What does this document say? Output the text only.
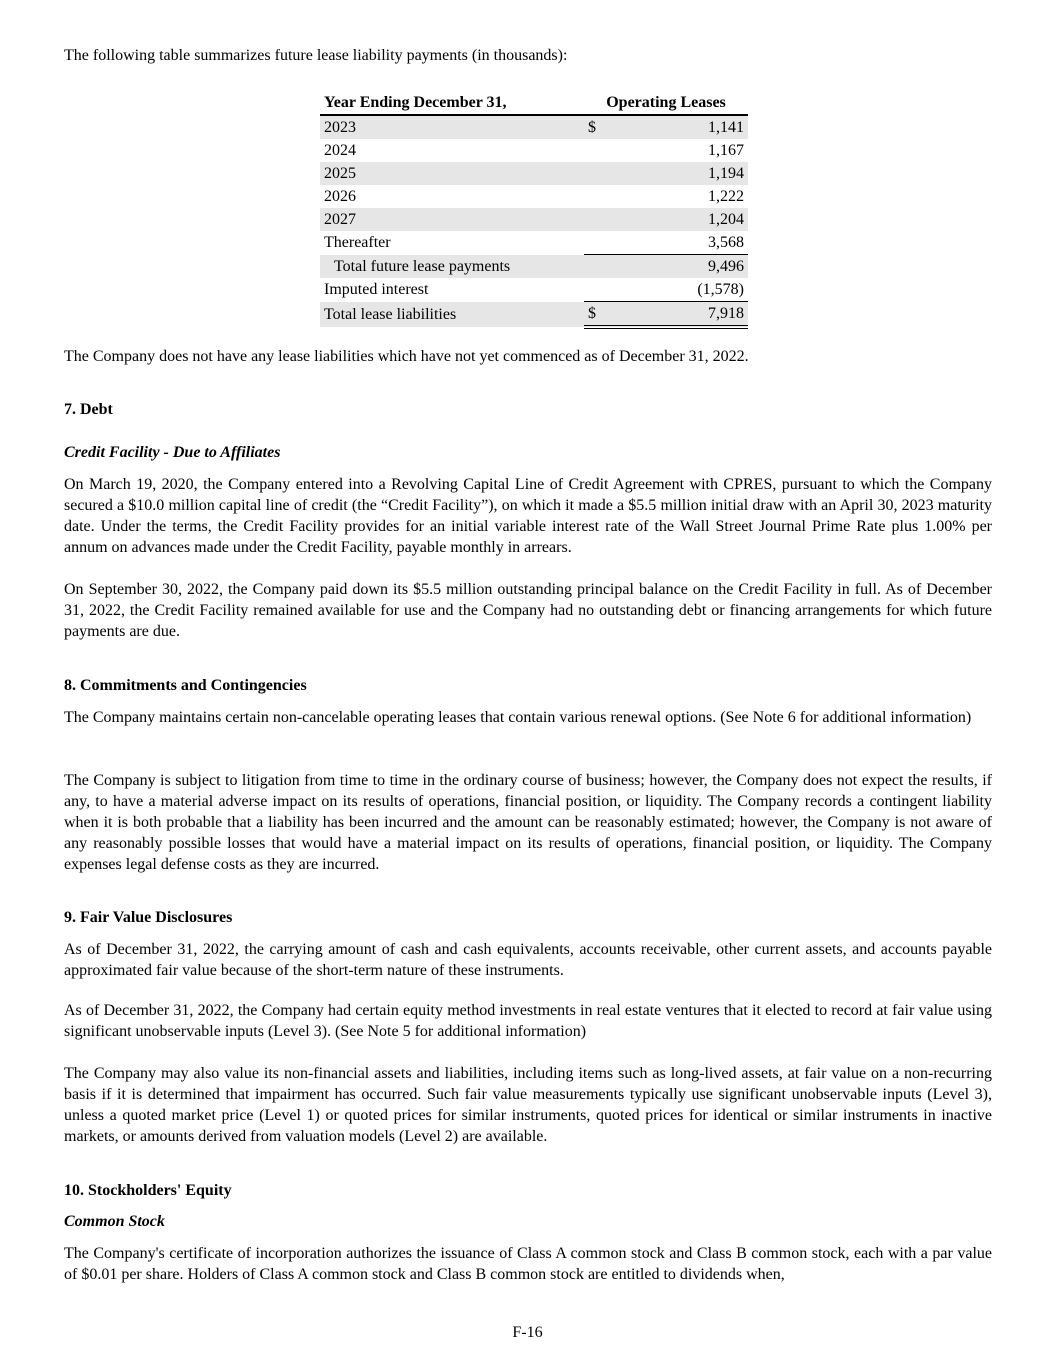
The following table summarizes future lease liability payments (in thousands):

Year Ending December 31,	Operating Leases	
2023	$	1,141
2024		1,167
2025		1,194
2026		1,222
2027		1,204
Thereafter		3,568
Total future lease payments		9,496
Imputed interest		(1,578)
Total lease liabilities	$	7,918

The Company does not have any lease liabilities which have not yet commenced as of December 31, 2022.

7. Debt
Credit Facility - Due to Affiliates

On March 19, 2020, the Company entered into a Revolving Capital Line of Credit Agreement with CPRES, pursuant to which the Company secured a $10.0 million capital line of credit (the “Credit Facility”), on which it made a $5.5 million initial draw with an April 30, 2023 maturity date. Under the terms, the Credit Facility provides for an initial variable interest rate of the Wall Street Journal Prime Rate plus 1.00% per annum on advances made under the Credit Facility, payable monthly in arrears.

On September 30, 2022, the Company paid down its $5.5 million outstanding principal balance on the Credit Facility in full. As of December 31, 2022, the Credit Facility remained available for use and the Company had no outstanding debt or financing arrangements for which future payments are due.

8. Commitments and Contingencies

The Company maintains certain non-cancelable operating leases that contain various renewal options. (See Note 6 for additional information)

The Company is subject to litigation from time to time in the ordinary course of business; however, the Company does not expect the results, if any, to have a material adverse impact on its results of operations, financial position, or liquidity. The Company records a contingent liability when it is both probable that a liability has been incurred and the amount can be reasonably estimated; however, the Company is not aware of any reasonably possible losses that would have a material impact on its results of operations, financial position, or liquidity. The Company expenses legal defense costs as they are incurred.

9. Fair Value Disclosures

As of December 31, 2022, the carrying amount of cash and cash equivalents, accounts receivable, other current assets, and accounts payable approximated fair value because of the short-term nature of these instruments.

As of December 31, 2022, the Company had certain equity method investments in real estate ventures that it elected to record at fair value using significant unobservable inputs (Level 3). (See Note 5 for additional information)

The Company may also value its non-financial assets and liabilities, including items such as long-lived assets, at fair value on a non-recurring basis if it is determined that impairment has occurred. Such fair value measurements typically use significant unobservable inputs (Level 3), unless a quoted market price (Level 1) or quoted prices for similar instruments, quoted prices for identical or similar instruments in inactive markets, or amounts derived from valuation models (Level 2) are available.

10. Stockholders' Equity
Common Stock

The Company's certificate of incorporation authorizes the issuance of Class A common stock and Class B common stock, each with a par value of $0.01 per share. Holders of Class A common stock and Class B common stock are entitled to dividends when,

F-16
